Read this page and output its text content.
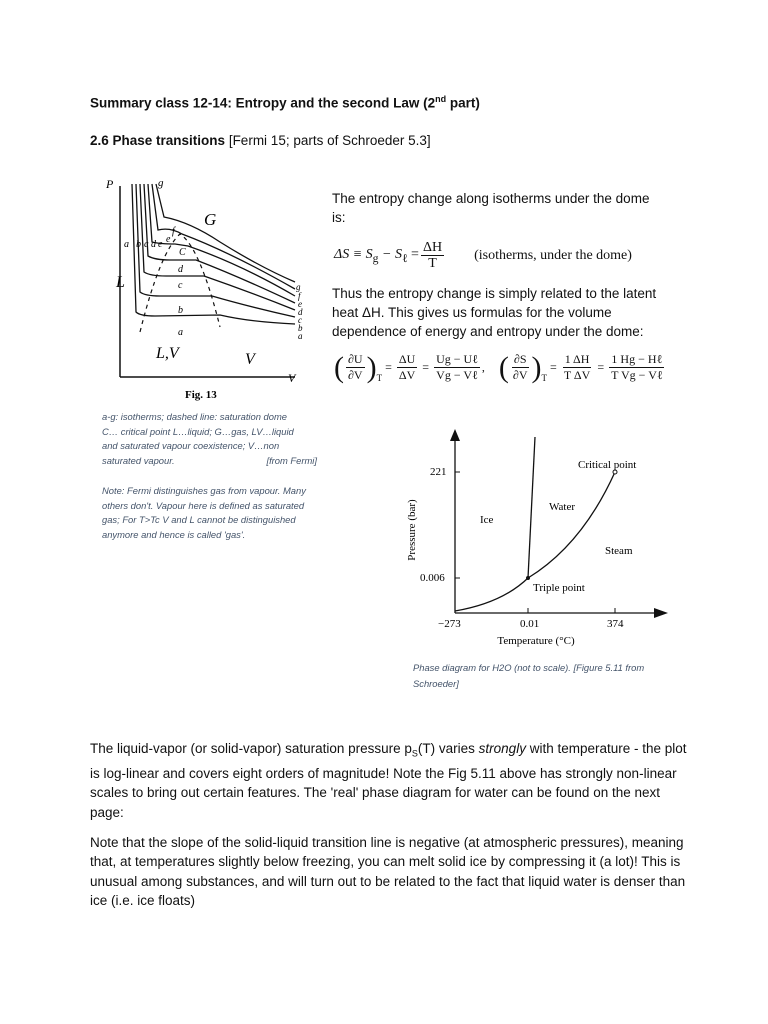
Summary class 12-14: Entropy and the second Law (2nd part)
2.6 Phase transitions [Fermi 15; parts of Schroeder 5.3]
P
V
G
L
L,V	V
C
g
f
e
a b c d e
d
c
b
a
g
f
e
d
c
b
a
Fig. 13
a-g: isotherms; dashed line: saturation dome
C… critical point L…liquid; G…gas, LV…liquid
and saturated vapour coexistence; V…non
saturated vapour.	[from Fermi]
Note: Fermi distinguishes gas from vapour. Many others don't. Vapour here is defined as saturated gas; For T>Tc V and L cannot be distinguished anymore and hence is called 'gas'.
The entropy change along isotherms under the dome is:
$\Delta S \equiv S_g - S_\ell = \frac{\Delta H}{T}$ (isotherms, under the dome)
Thus the entropy change is simply related to the latent heat ΔH. This gives us formulas for the volume dependence of energy and entropy under the dome:
( $\frac{\partial U}{\partial V}$ ) T
= $\frac{\Delta U}{\Delta V} = \frac{\text{Ug − Uℓ}}{\text{Vg − Vℓ}}$ , ( $\frac{\partial S}{\partial V}$ ) T
= $\frac{1 \Delta H}{\text{T ΔV}} = \frac{\text{1 Hg − Hℓ}}{\text{T Vg − Vℓ}}$
221
0.006
−273	0.01	374
Ice
Water
Steam
Critical point
Triple point
Temperature (°C)
Pressure (bar)
Phase diagram for H2O (not to scale). [Figure 5.11 from Schroeder]
The liquid-vapor (or solid-vapor) saturation pressure $p_S(T)$ varies strongly with temperature - the plot is log-linear and covers eight orders of magnitude! Note the Fig 5.11 above has strongly non-linear scales to bring out certain features. The 'real' phase diagram for water can be found on the next page:
Note that the slope of the solid-liquid transition line is negative (at atmospheric pressures), meaning that, at temperatures slightly below freezing, you can melt solid ice by compressing it (a lot)! This is unusual among substances, and will turn out to be related to the fact that liquid water is denser than ice (i.e. ice floats)
